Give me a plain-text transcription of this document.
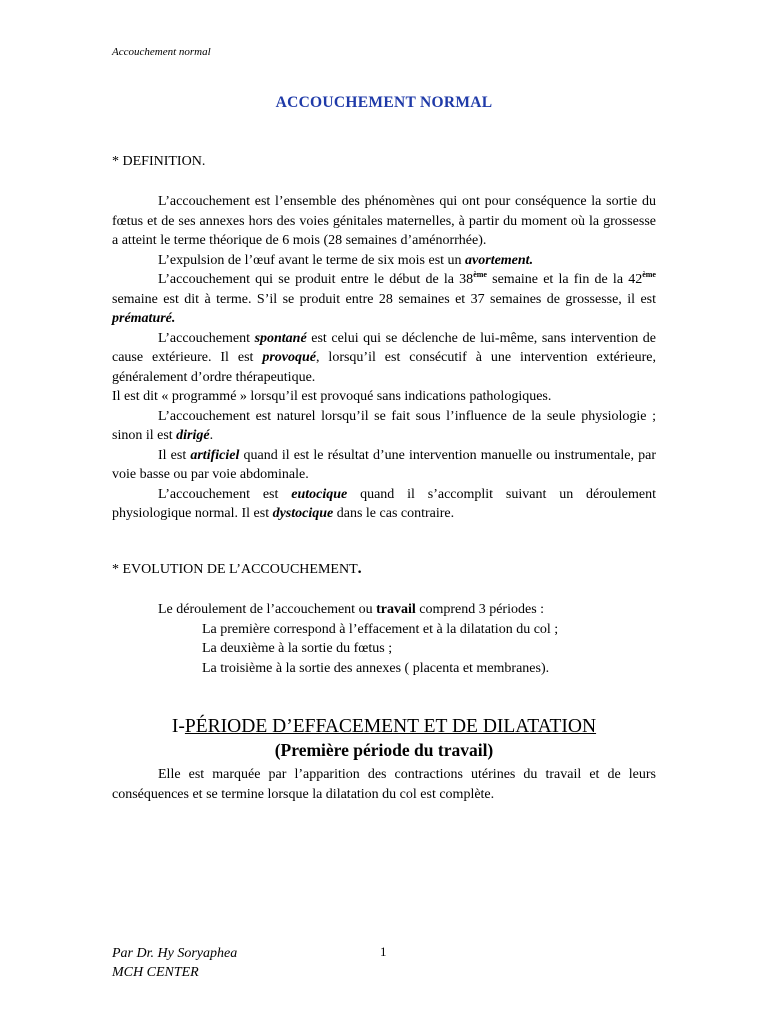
Accouchement normal
ACCOUCHEMENT NORMAL
* DEFINITION.

L’accouchement est l’ensemble des phénomènes qui ont pour conséquence la sortie du fœtus et de ses annexes hors des voies génitales maternelles, à partir du moment où la grossesse a atteint le terme théorique de 6 mois (28 semaines d’aménorrhée).

L’expulsion de l’œuf avant le terme de six mois est un avortement.

L’accouchement qui se produit entre le début de la 38ème semaine et la fin de la 42ème semaine est dit à terme. S’il se produit entre 28 semaines et 37 semaines de grossesse, il est prématuré.

L’accouchement spontané est celui qui se déclenche de lui-même, sans intervention de cause extérieure. Il est provoqué, lorsqu’il est consécutif à une intervention extérieure, généralement d’ordre thérapeutique.

Il est dit « programmé » lorsqu’il est provoqué sans indications pathologiques.

L’accouchement est naturel lorsqu’il se fait sous l’influence de la seule physiologie ; sinon il est dirigé.

Il est artificiel quand il est le résultat d’une intervention manuelle ou instrumentale, par voie basse ou par voie abdominale.

L’accouchement est eutocique quand il s’accomplit suivant un déroulement physiologique normal. Il est dystocique dans le cas contraire.

* EVOLUTION DE L’ACCOUCHEMENT.

Le déroulement de l’accouchement ou travail comprend 3 périodes :

La première correspond à l’effacement et à la dilatation du col ;

La deuxième à la sortie du fœtus ;

La troisième à la sortie des annexes ( placenta et membranes).

I-PÉRIODE D’EFFACEMENT ET DE DILATATION
(Première période du travail)

Elle est marquée par l’apparition des contractions utérines du travail et de leurs conséquences et se termine lorsque la dilatation du col est complète.

Par Dr. Hy Soryaphea
MCH CENTER
1
